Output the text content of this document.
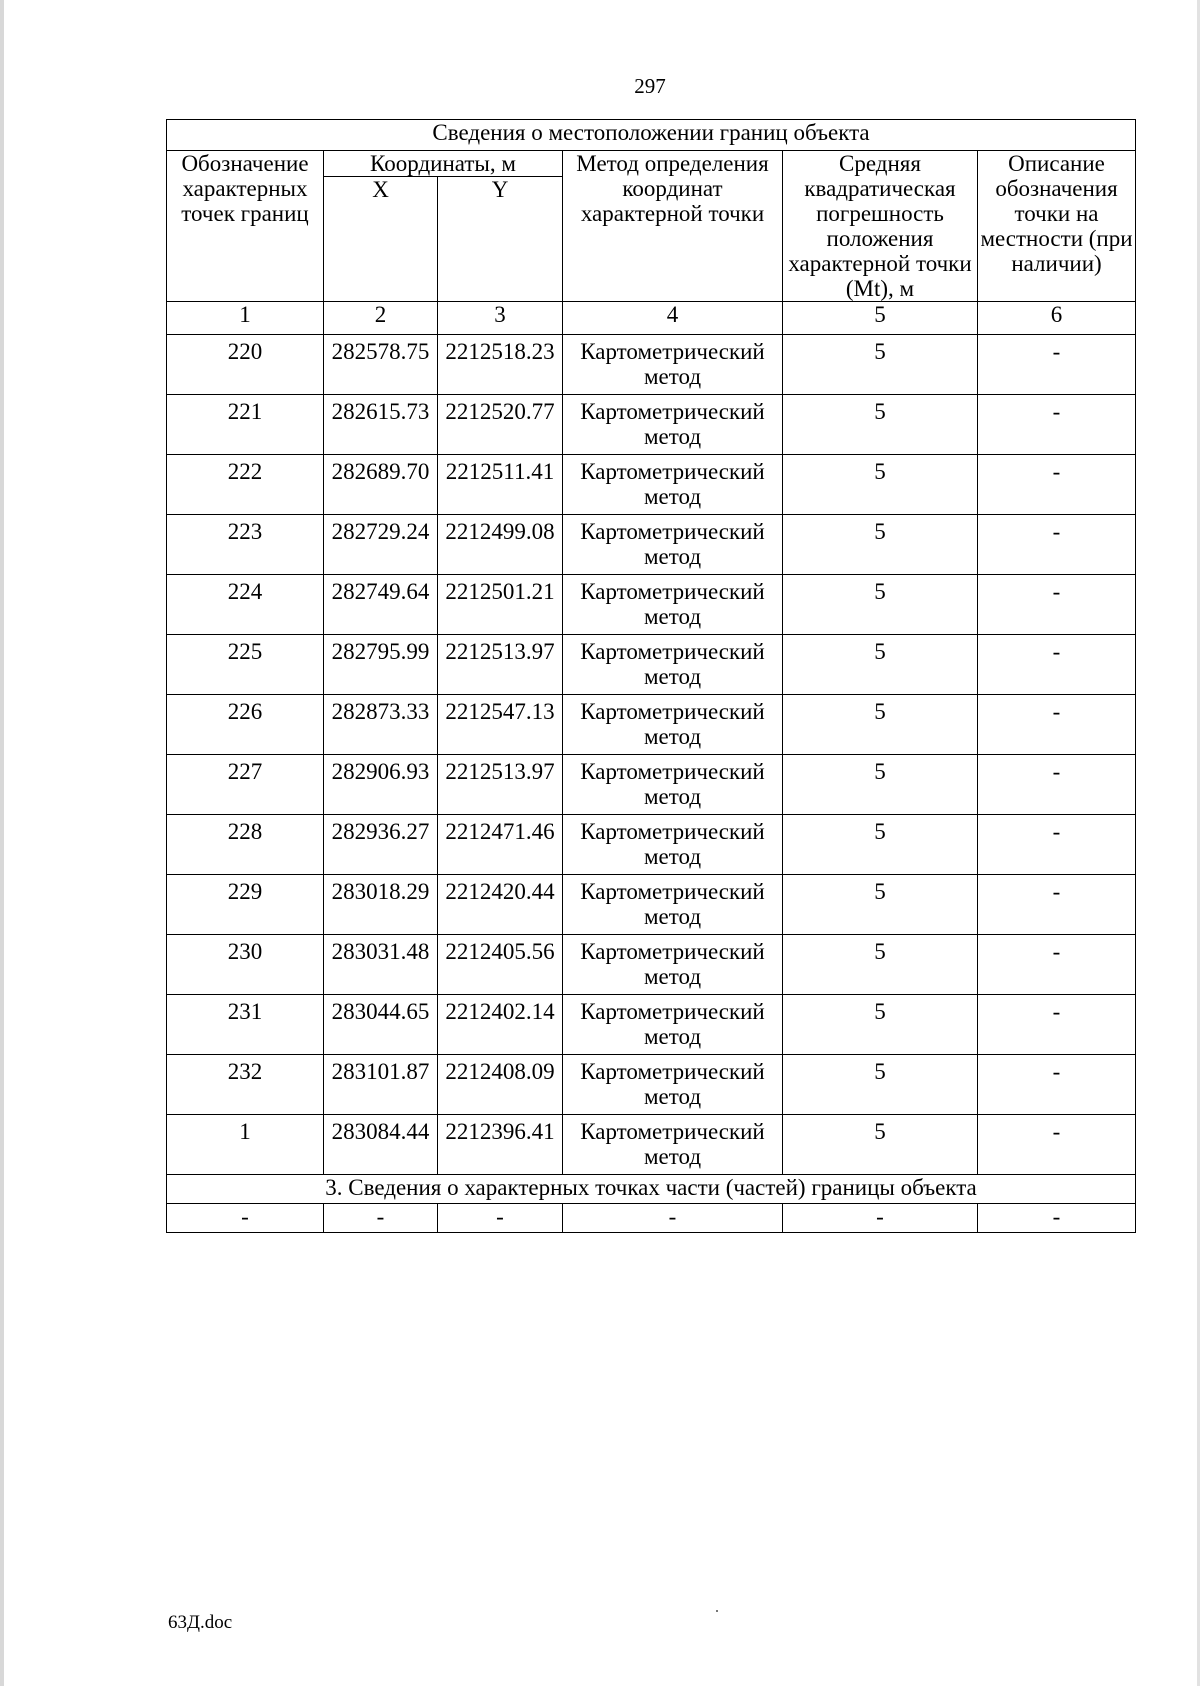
297
Сведения о местоположении границ объекта					
Обозначение характерных точек границ	Координаты, м		Метод определения координат характерной точки	Средняя квадратическая погрешность положения характерной точки (Mt), м	Описание обозначения точки на местности (при наличии)
	X	Y			
1	2	3	4	5	6
220	282578.75	2212518.23	Картометрический метод	5	-
221	282615.73	2212520.77	Картометрический метод	5	-
222	282689.70	2212511.41	Картометрический метод	5	-
223	282729.24	2212499.08	Картометрический метод	5	-
224	282749.64	2212501.21	Картометрический метод	5	-
225	282795.99	2212513.97	Картометрический метод	5	-
226	282873.33	2212547.13	Картометрический метод	5	-
227	282906.93	2212513.97	Картометрический метод	5	-
228	282936.27	2212471.46	Картометрический метод	5	-
229	283018.29	2212420.44	Картометрический метод	5	-
230	283031.48	2212405.56	Картометрический метод	5	-
231	283044.65	2212402.14	Картометрический метод	5	-
232	283101.87	2212408.09	Картометрический метод	5	-
1	283084.44	2212396.41	Картометрический метод	5	-
3. Сведения о характерных точках части (частей) границы объекта					
-	-	-	-	-	-
63Д.doc
